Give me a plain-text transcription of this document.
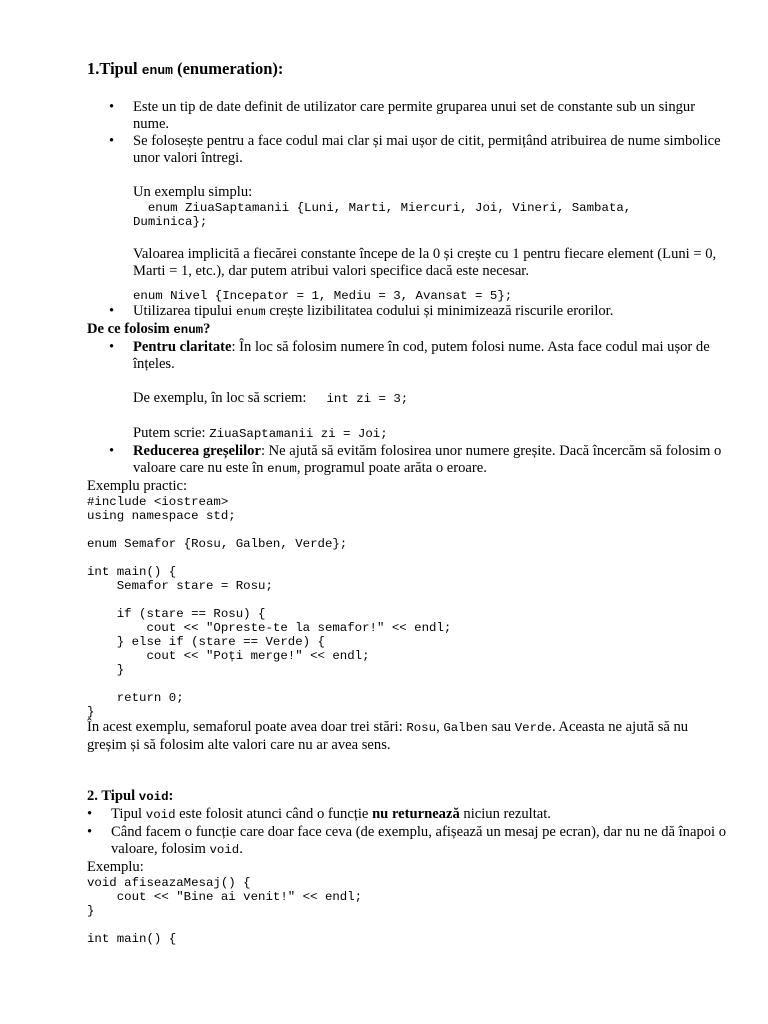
1.Tipul enum (enumeration):
• Este un tip de date definit de utilizator care permite gruparea unui set de constante sub un singur nume.
• Se folosește pentru a face codul mai clar și mai ușor de citit, permițând atribuirea de nume simbolice unor valori întregi.
Un exemplu simplu:
enum ZiuaSaptamanii {Luni, Marti, Miercuri, Joi, Vineri, Sambata,
Duminica};
Valoarea implicită a fiecărei constante începe de la 0 și crește cu 1 pentru fiecare element (Luni = 0, Marti = 1, etc.), dar putem atribui valori specifice dacă este necesar.
enum Nivel {Incepator = 1, Mediu = 3, Avansat = 5};
• Utilizarea tipului enum crește lizibilitatea codului și minimizează riscurile erorilor.
De ce folosim enum?
• Pentru claritate: În loc să folosim numere în cod, putem folosi nume. Asta face codul mai ușor de înțeles.
De exemplu, în loc să scriem: int zi = 3;
Putem scrie: ZiuaSaptamanii zi = Joi;
• Reducerea greșelilor: Ne ajută să evităm folosirea unor numere greșite. Dacă încercăm să folosim o valoare care nu este în enum, programul poate arăta o eroare.
Exemplu practic:
#include <iostream>
using namespace std;

enum Semafor {Rosu, Galben, Verde};

int main() {
Semafor stare = Rosu;

if (stare == Rosu) {
cout << "Opreste-te la semafor!" << endl;
} else if (stare == Verde) {
cout << "Poți merge!" << endl;
}

return 0;
}
În acest exemplu, semaforul poate avea doar trei stări: Rosu, Galben sau Verde. Aceasta ne ajută să nu greșim și să folosim alte valori care nu ar avea sens.
2. Tipul void:
• Tipul void este folosit atunci când o funcție nu returnează niciun rezultat.
• Când facem o funcție care doar face ceva (de exemplu, afișează un mesaj pe ecran), dar nu ne dă înapoi o valoare, folosim void.
Exemplu:
void afiseazaMesaj() {
cout << "Bine ai venit!" << endl;
}

int main() {
